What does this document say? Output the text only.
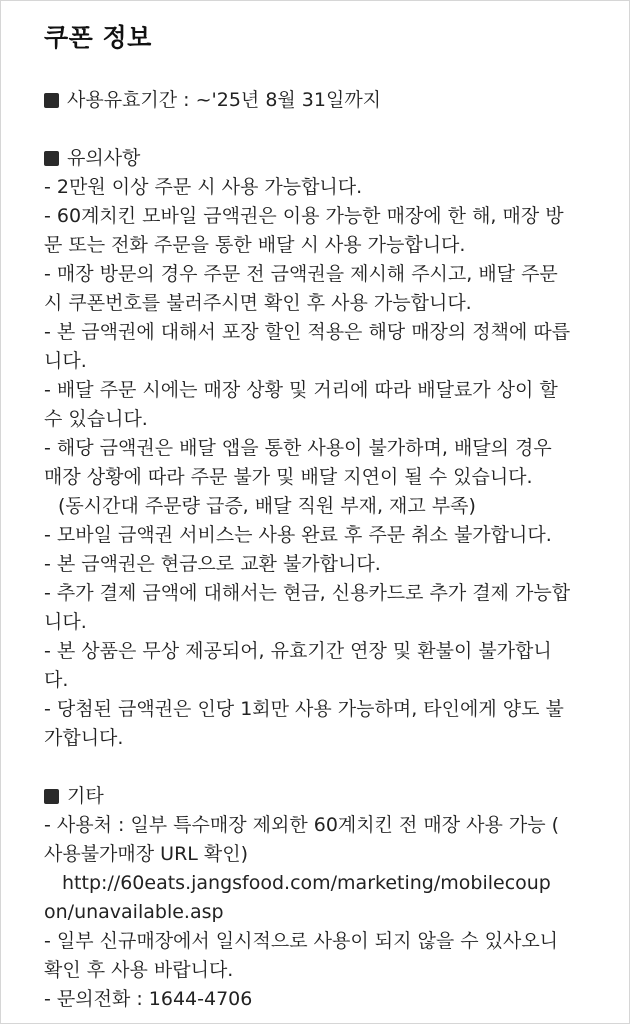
쿠폰 정보
사용유효기간 : ~'25년 8월 31일까지
유의사항
- 2만원 이상 주문 시 사용 가능합니다.
- 60계치킨 모바일 금액권은 이용 가능한 매장에 한 해, 매장 방
문 또는 전화 주문을 통한 배달 시 사용 가능합니다.
- 매장 방문의 경우 주문 전 금액권을 제시해 주시고, 배달 주문
시 쿠폰번호를 불러주시면 확인 후 사용 가능합니다.
- 본 금액권에 대해서 포장 할인 적용은 해당 매장의 정책에 따릅
니다.
- 배달 주문 시에는 매장 상황 및 거리에 따라 배달료가 상이 할
수 있습니다.
- 해당 금액권은 배달 앱을 통한 사용이 불가하며, 배달의 경우
매장 상황에 따라 주문 불가 및 배달 지연이 될 수 있습니다.
(동시간대 주문량 급증, 배달 직원 부재, 재고 부족)
- 모바일 금액권 서비스는 사용 완료 후 주문 취소 불가합니다.
- 본 금액권은 현금으로 교환 불가합니다.
- 추가 결제 금액에 대해서는 현금, 신용카드로 추가 결제 가능합
니다.
- 본 상품은 무상 제공되어, 유효기간 연장 및 환불이 불가합니
다.
- 당첨된 금액권은 인당 1회만 사용 가능하며, 타인에게 양도 불
가합니다.
기타
- 사용처 : 일부 특수매장 제외한 60계치킨 전 매장 사용 가능 (
사용불가매장 URL 확인)
http://60eats.jangsfood.com/marketing/mobilecoup
on/unavailable.asp
- 일부 신규매장에서 일시적으로 사용이 되지 않을 수 있사오니
확인 후 사용 바랍니다.
- 문의전화 : 1644-4706
